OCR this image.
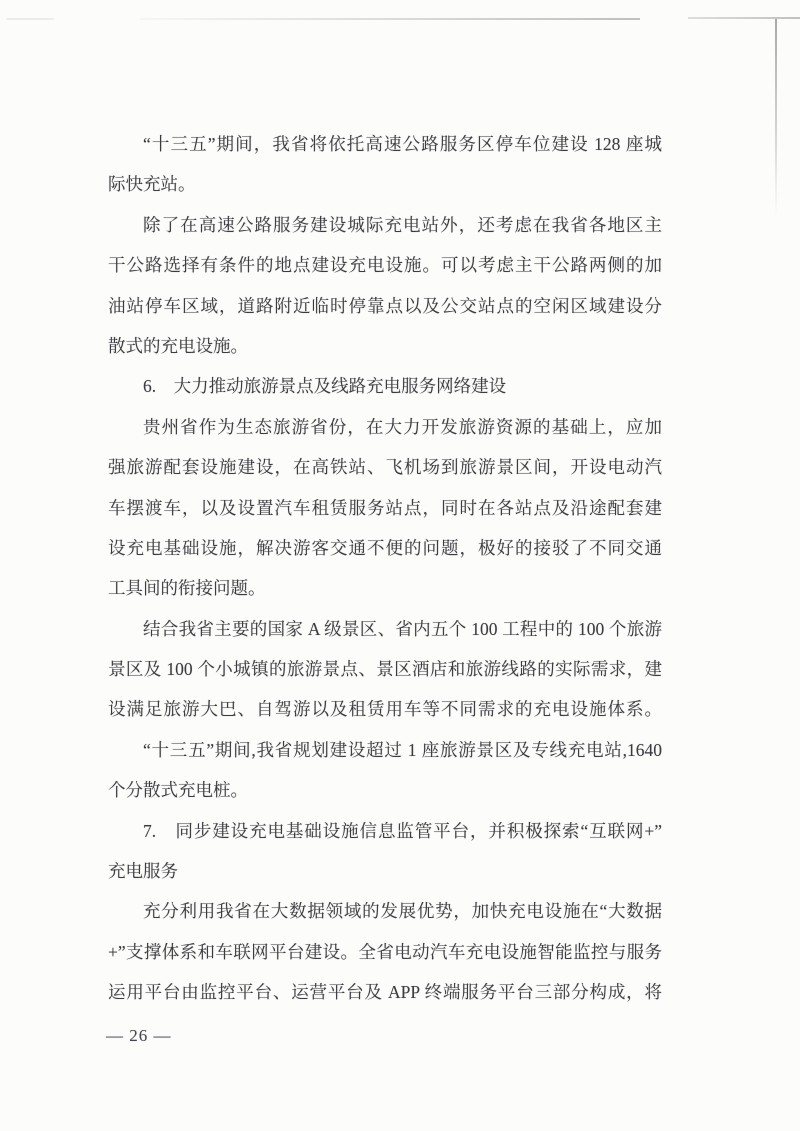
“十三五”期间，我省将依托高速公路服务区停车位建设 128 座城
际快充站。
除了在高速公路服务建设城际充电站外，还考虑在我省各地区主
干公路选择有条件的地点建设充电设施。可以考虑主干公路两侧的加
油站停车区域，道路附近临时停靠点以及公交站点的空闲区域建设分
散式的充电设施。
6.　大力推动旅游景点及线路充电服务网络建设
贵州省作为生态旅游省份，在大力开发旅游资源的基础上，应加
强旅游配套设施建设，在高铁站、飞机场到旅游景区间，开设电动汽
车摆渡车，以及设置汽车租赁服务站点，同时在各站点及沿途配套建
设充电基础设施，解决游客交通不便的问题，极好的接驳了不同交通
工具间的衔接问题。
结合我省主要的国家 A 级景区、省内五个 100 工程中的 100 个旅游
景区及 100 个小城镇的旅游景点、景区酒店和旅游线路的实际需求，建
设满足旅游大巴、自驾游以及租赁用车等不同需求的充电设施体系。
“十三五”期间,我省规划建设超过 1 座旅游景区及专线充电站,1640
个分散式充电桩。
7.　同步建设充电基础设施信息监管平台，并积极探索“互联网+”
充电服务
充分利用我省在大数据领域的发展优势，加快充电设施在“大数据
+”支撑体系和车联网平台建设。全省电动汽车充电设施智能监控与服务
运用平台由监控平台、运营平台及 APP 终端服务平台三部分构成，将
— 26 —
